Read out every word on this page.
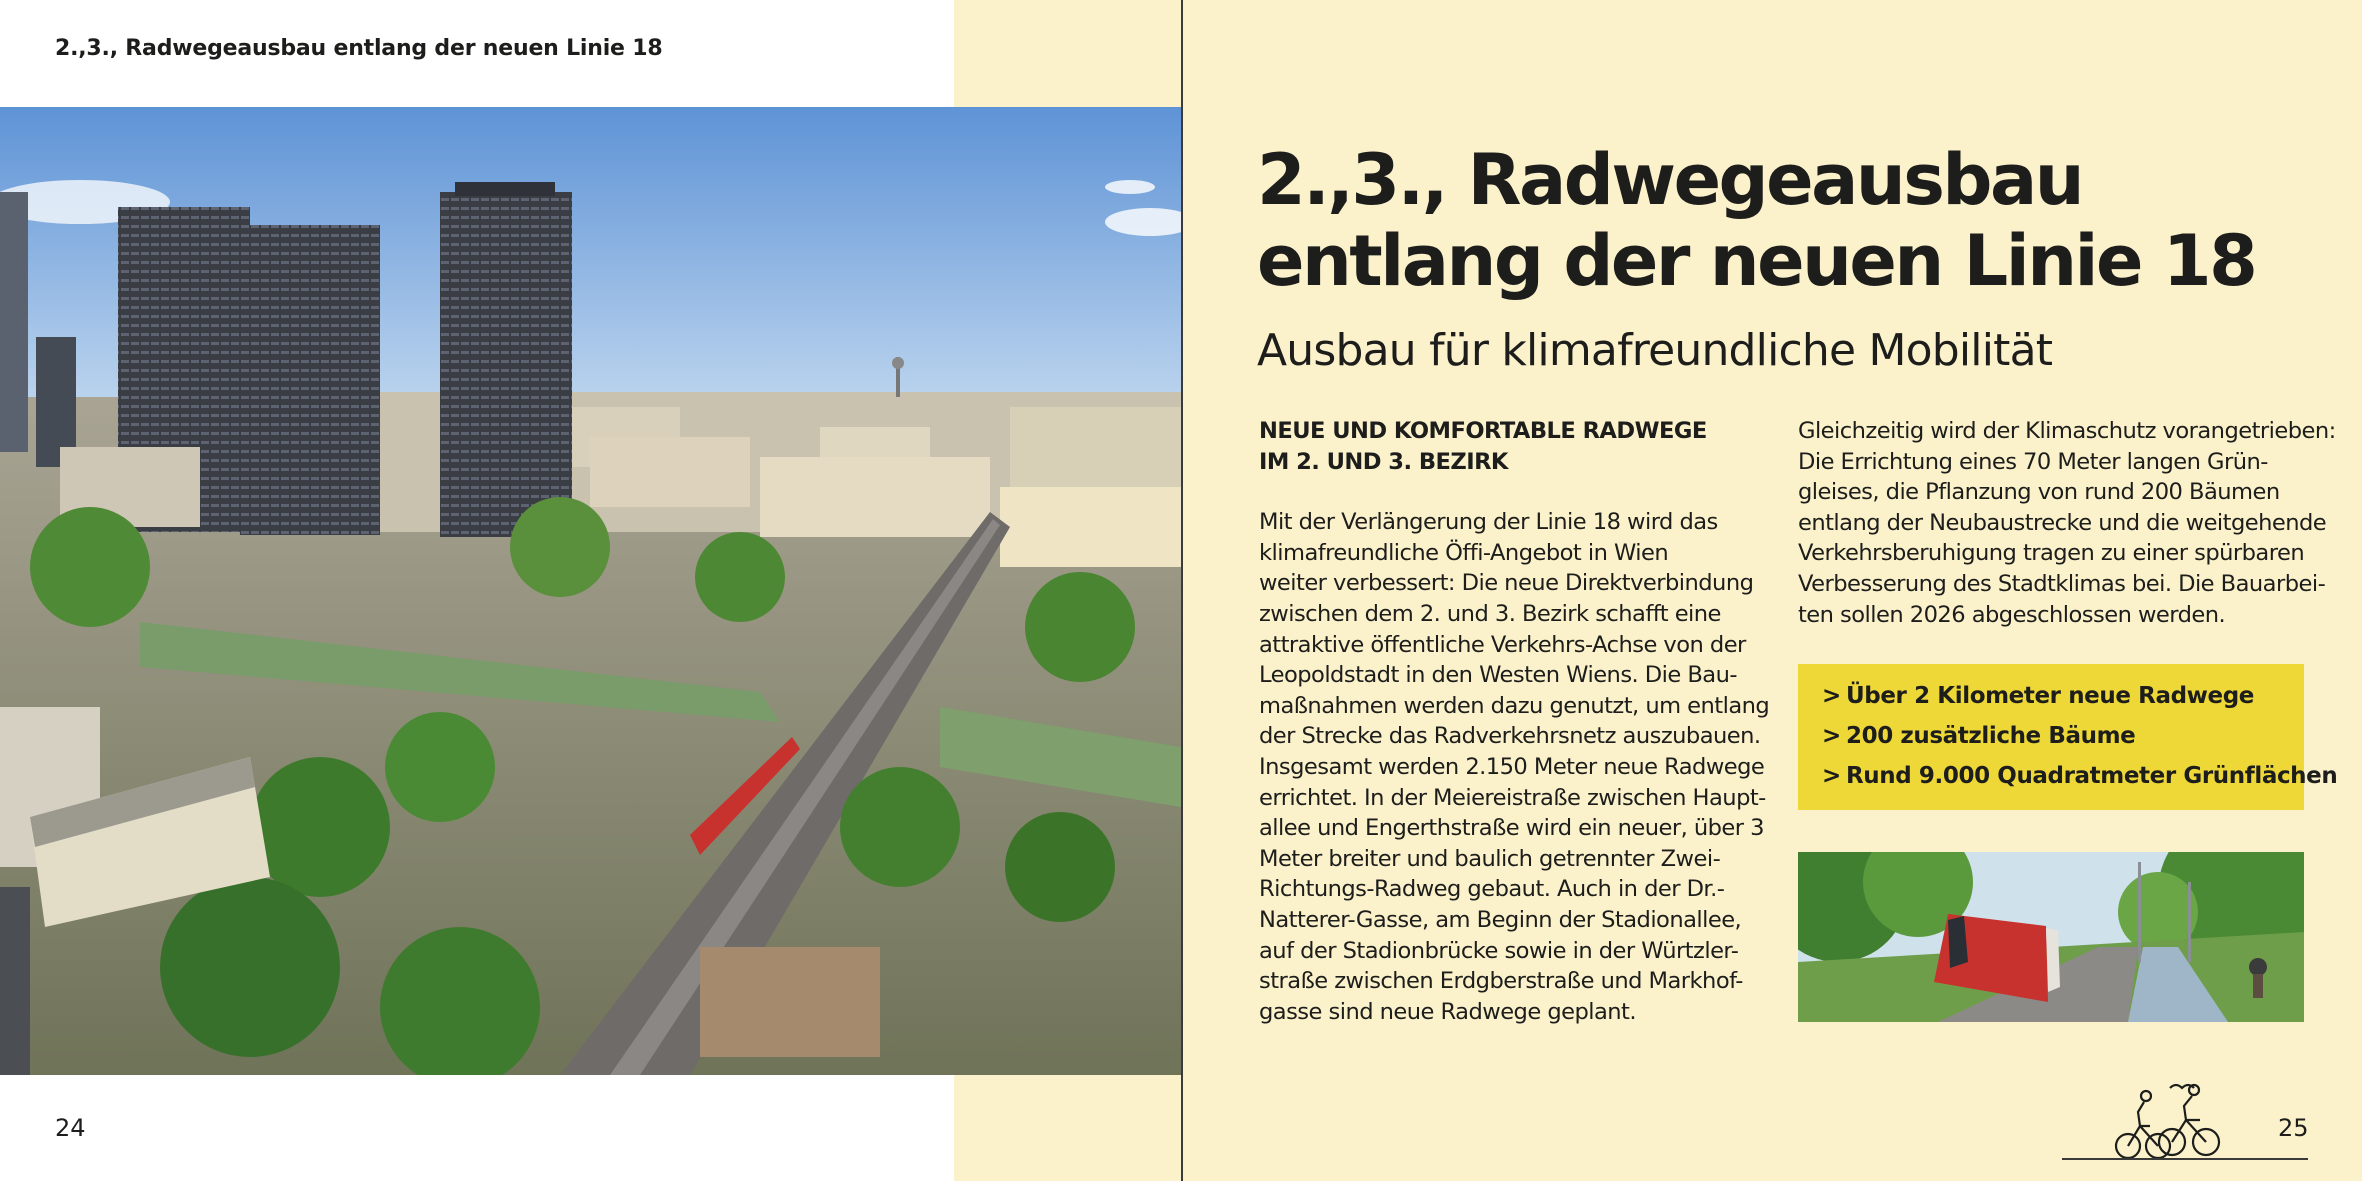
2.,3., Radwegeausbau entlang der neuen Linie 18
24
2.,3., Radwegeausbau
entlang der neuen Linie 18
Ausbau für klimafreundliche Mobilität
NEUE UND KOMFORTABLE RADWEGE
IM 2. UND 3. BEZIRK
Mit der Verlängerung der Linie 18 wird das
klimafreundliche Öffi-Angebot in Wien
weiter verbessert: Die neue Direktverbindung
zwischen dem 2. und 3. Bezirk schafft eine
attraktive öffentliche Verkehrs-Achse von der
Leopoldstadt in den Westen Wiens. Die Bau-
maßnahmen werden dazu genutzt, um entlang
der Strecke das Radverkehrsnetz auszubauen.
Insgesamt werden 2.150 Meter neue Radwege
errichtet. In der Meiereistraße zwischen Haupt-
allee und Engerthstraße wird ein neuer, über 3
Meter breiter und baulich getrennter Zwei-
Richtungs-Radweg gebaut. Auch in der Dr.-
Natterer-Gasse, am Beginn der Stadionallee,
auf der Stadionbrücke sowie in der Würtzler-
straße zwischen Erdgberstraße und Markhof-
gasse sind neue Radwege geplant.
Gleichzeitig wird der Klimaschutz vorangetrieben:
Die Errichtung eines 70 Meter langen Grün-
gleises, die Pflanzung von rund 200 Bäumen
entlang der Neubaustrecke und die weitgehende
Verkehrsberuhigung tragen zu einer spürbaren
Verbesserung des Stadtklimas bei. Die Bauarbei-
ten sollen 2026 abgeschlossen werden.
> Über 2 Kilometer neue Radwege
> 200 zusätzliche Bäume
> Rund 9.000 Quadratmeter Grünflächen
25
